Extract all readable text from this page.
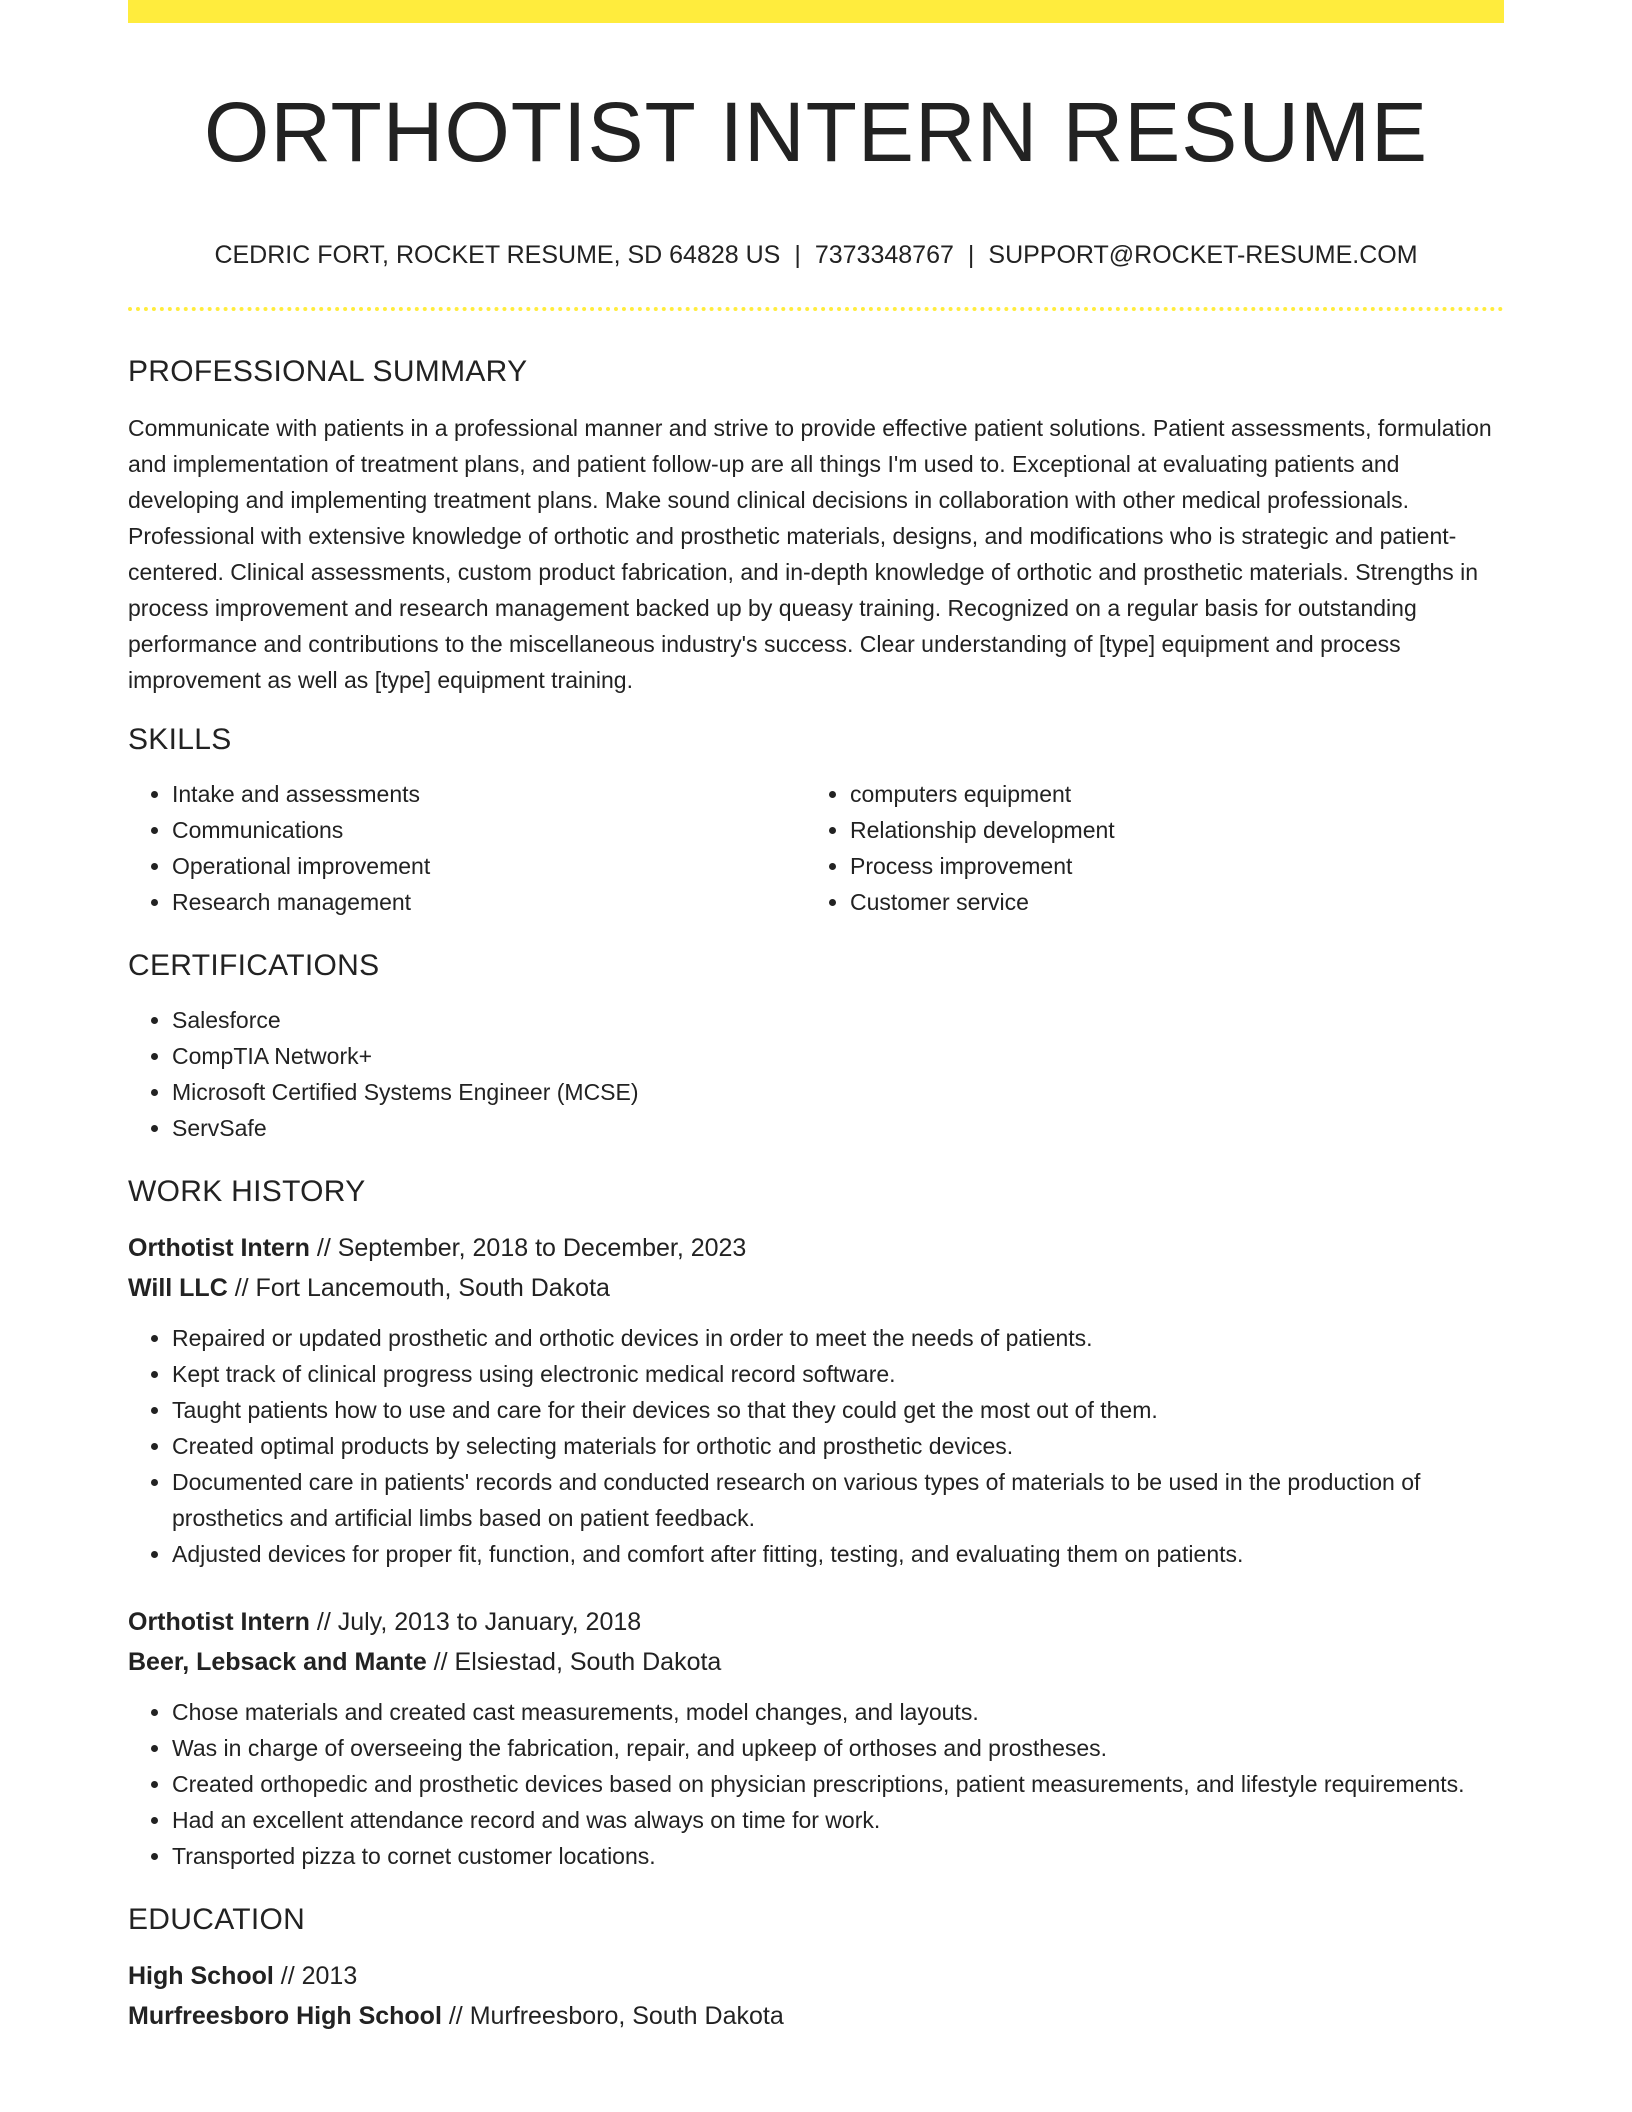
ORTHOTIST INTERN RESUME
CEDRIC FORT, ROCKET RESUME, SD 64828 US | 7373348767 | SUPPORT@ROCKET-RESUME.COM
PROFESSIONAL SUMMARY

Communicate with patients in a professional manner and strive to provide effective patient solutions. Patient assessments, formulation and implementation of treatment plans, and patient follow-up are all things I'm used to. Exceptional at evaluating patients and developing and implementing treatment plans. Make sound clinical decisions in collaboration with other medical professionals. Professional with extensive knowledge of orthotic and prosthetic materials, designs, and modifications who is strategic and patient-centered. Clinical assessments, custom product fabrication, and in-depth knowledge of orthotic and prosthetic materials. Strengths in process improvement and research management backed up by queasy training. Recognized on a regular basis for outstanding performance and contributions to the miscellaneous industry's success. Clear understanding of [type] equipment and process improvement as well as [type] equipment training.

SKILLS
• Intake and assessments
• Communications
• Operational improvement
• Research management
• computers equipment
• Relationship development
• Process improvement
• Customer service
CERTIFICATIONS
• Salesforce
• CompTIA Network+
• Microsoft Certified Systems Engineer (MCSE)
• ServSafe
WORK HISTORY
Orthotist Intern // September, 2018 to December, 2023
Will LLC // Fort Lancemouth, South Dakota
• Repaired or updated prosthetic and orthotic devices in order to meet the needs of patients.
• Kept track of clinical progress using electronic medical record software.
• Taught patients how to use and care for their devices so that they could get the most out of them.
• Created optimal products by selecting materials for orthotic and prosthetic devices.
• Documented care in patients' records and conducted research on various types of materials to be used in the production of prosthetics and artificial limbs based on patient feedback.
• Adjusted devices for proper fit, function, and comfort after fitting, testing, and evaluating them on patients.
Orthotist Intern // July, 2013 to January, 2018
Beer, Lebsack and Mante // Elsiestad, South Dakota
• Chose materials and created cast measurements, model changes, and layouts.
• Was in charge of overseeing the fabrication, repair, and upkeep of orthoses and prostheses.
• Created orthopedic and prosthetic devices based on physician prescriptions, patient measurements, and lifestyle requirements.
• Had an excellent attendance record and was always on time for work.
• Transported pizza to cornet customer locations.
EDUCATION
High School // 2013
Murfreesboro High School // Murfreesboro, South Dakota
